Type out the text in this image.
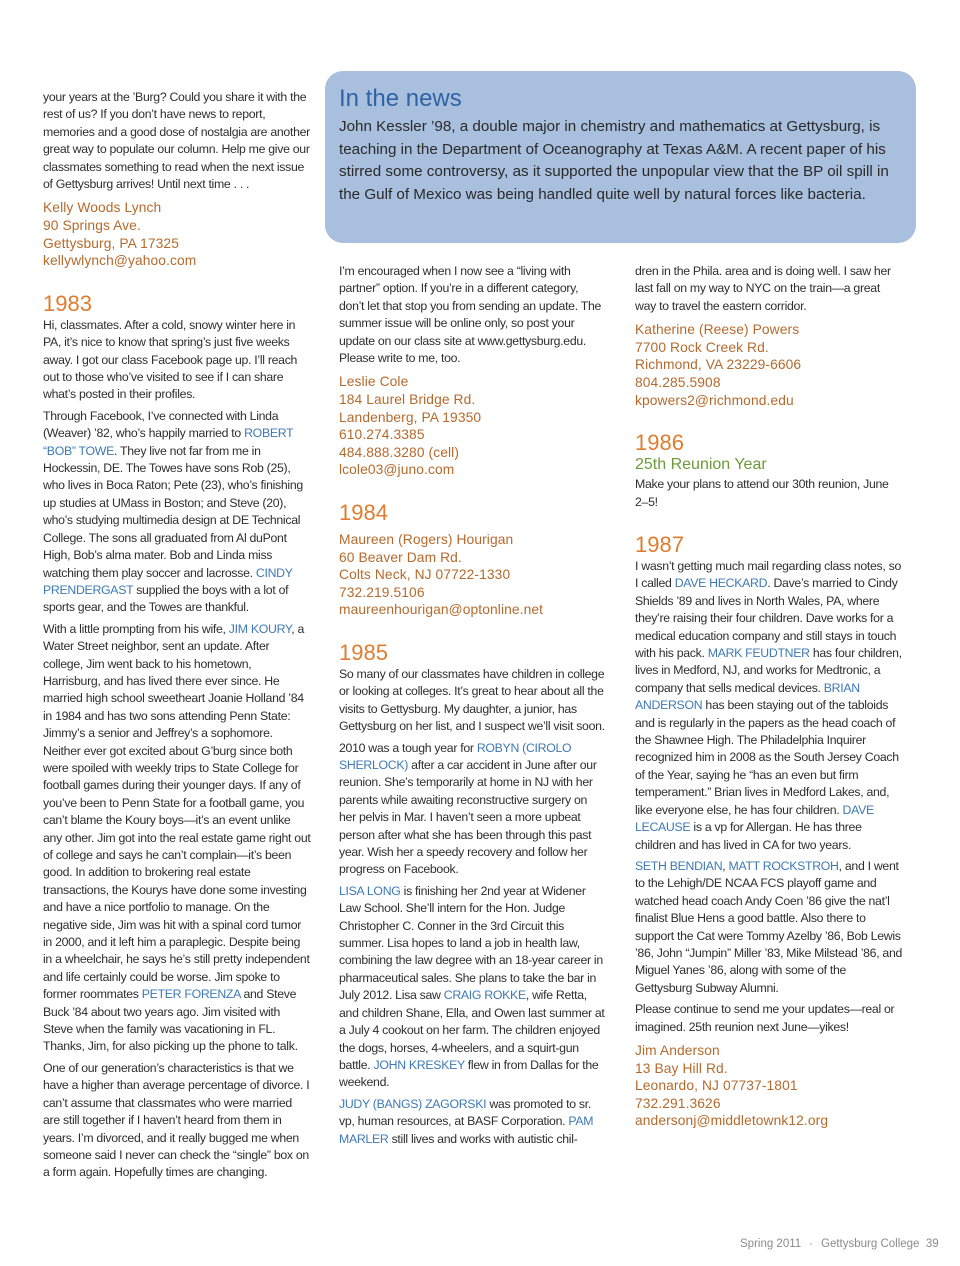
In the news

John Kessler ’98, a double major in chemistry and mathematics at Gettysburg, is teaching in the Department of Oceanography at Texas A&M. A recent paper of his stirred some controversy, as it supported the unpopular view that the BP oil spill in the Gulf of Mexico was being handled quite well by natural forces like bacteria.

your years at the ’Burg? Could you share it with the rest of us? If you don’t have news to report, memories and a good dose of nostalgia are another great way to populate our column. Help me give our classmates something to read when the next issue of Gettysburg arrives! Until next time . . .

Kelly Woods Lynch
90 Springs Ave.
Gettysburg, PA 17325
kellywlynch@yahoo.com
1983

Hi, classmates. After a cold, snowy winter here in PA, it’s nice to know that spring’s just five weeks away. I got our class Facebook page up. I’ll reach out to those who’ve visited to see if I can share what’s posted in their profiles.

Through Facebook, I’ve connected with Linda (Weaver) ’82, who’s happily married to ROBERT “BOB” TOWE. They live not far from me in Hockessin, DE. The Towes have sons Rob (25), who lives in Boca Raton; Pete (23), who’s finishing up studies at UMass in Boston; and Steve (20), who’s studying multimedia design at DE Technical College. The sons all graduated from Al duPont High, Bob’s alma mater. Bob and Linda miss watching them play soccer and lacrosse. CINDY PRENDERGAST supplied the boys with a lot of sports gear, and the Towes are thankful.

With a little prompting from his wife, JIM KOURY, a Water Street neighbor, sent an update. After college, Jim went back to his hometown, Harrisburg, and has lived there ever since. He married high school sweetheart Joanie Holland ’84 in 1984 and has two sons attending Penn State: Jimmy’s a senior and Jeffrey’s a sophomore. Neither ever got excited about G’burg since both were spoiled with weekly trips to State College for football games during their younger days. If any of you’ve been to Penn State for a football game, you can’t blame the Koury boys—it’s an event unlike any other. Jim got into the real estate game right out of college and says he can’t complain—it’s been good. In addition to brokering real estate transactions, the Kourys have done some investing and have a nice portfolio to manage. On the negative side, Jim was hit with a spinal cord tumor in 2000, and it left him a paraplegic. Despite being in a wheelchair, he says he’s still pretty independent and life certainly could be worse. Jim spoke to former roommates PETER FORENZA and Steve Buck ’84 about two years ago. Jim visited with Steve when the family was vacationing in FL. Thanks, Jim, for also picking up the phone to talk.

One of our generation’s characteristics is that we have a higher than average percentage of divorce. I can’t assume that classmates who were married are still together if I haven’t heard from them in years. I’m divorced, and it really bugged me when someone said I never can check the “single” box on a form again. Hopefully times are changing.

I’m encouraged when I now see a “living with partner” option. If you’re in a different category, don’t let that stop you from sending an update. The summer issue will be online only, so post your update on our class site at www.gettysburg.edu. Please write to me, too.

Leslie Cole
184 Laurel Bridge Rd.
Landenberg, PA 19350
610.274.3385
484.888.3280 (cell)
lcole03@juno.com
1984
Maureen (Rogers) Hourigan
60 Beaver Dam Rd.
Colts Neck, NJ 07722-1330
732.219.5106
maureenhourigan@optonline.net
1985

So many of our classmates have children in college or looking at colleges. It’s great to hear about all the visits to Gettysburg. My daughter, a junior, has Gettysburg on her list, and I suspect we’ll visit soon.

2010 was a tough year for ROBYN (CIROLO SHERLOCK) after a car accident in June after our reunion. She’s temporarily at home in NJ with her parents while awaiting reconstructive surgery on her pelvis in Mar. I haven’t seen a more upbeat person after what she has been through this past year. Wish her a speedy recovery and follow her progress on Facebook.

LISA LONG is finishing her 2nd year at Widener Law School. She’ll intern for the Hon. Judge Christopher C. Conner in the 3rd Circuit this summer. Lisa hopes to land a job in health law, combining the law degree with an 18-year career in pharmaceutical sales. She plans to take the bar in July 2012. Lisa saw CRAIG ROKKE, wife Retta, and children Shane, Ella, and Owen last summer at a July 4 cookout on her farm. The children enjoyed the dogs, horses, 4-wheelers, and a squirt-gun battle. JOHN KRESKEY flew in from Dallas for the weekend.

JUDY (BANGS) ZAGORSKI was promoted to sr. vp, human resources, at BASF Corporation. PAM MARLER still lives and works with autistic chil-

dren in the Phila. area and is doing well. I saw her last fall on my way to NYC on the train—a great way to travel the eastern corridor.

Katherine (Reese) Powers
7700 Rock Creek Rd.
Richmond, VA 23229-6606
804.285.5908
kpowers2@richmond.edu
1986
25th Reunion Year

Make your plans to attend our 30th reunion, June 2–5!

1987

I wasn’t getting much mail regarding class notes, so I called DAVE HECKARD. Dave’s married to Cindy Shields ’89 and lives in North Wales, PA, where they’re raising their four children. Dave works for a medical education company and still stays in touch with his pack. MARK FEUDTNER has four children, lives in Medford, NJ, and works for Medtronic, a company that sells medical devices. BRIAN ANDERSON has been staying out of the tabloids and is regularly in the papers as the head coach of the Shawnee High. The Philadelphia Inquirer recognized him in 2008 as the South Jersey Coach of the Year, saying he “has an even but firm temperament.” Brian lives in Medford Lakes, and, like everyone else, he has four children. DAVE LECAUSE is a vp for Allergan. He has three children and has lived in CA for two years.

SETH BENDIAN, MATT ROCKSTROH, and I went to the Lehigh/DE NCAA FCS playoff game and watched head coach Andy Coen ’86 give the nat’l finalist Blue Hens a good battle. Also there to support the Cat were Tommy Azelby ’86, Bob Lewis ’86, John “Jumpin” Miller ’83, Mike Milstead ’86, and Miguel Yanes ’86, along with some of the Gettysburg Subway Alumni.

Please continue to send me your updates—real or imagined. 25th reunion next June—yikes!

Jim Anderson
13 Bay Hill Rd.
Leonardo, NJ 07737-1801
732.291.3626
andersonj@middletownk12.org
Spring 2011 · Gettysburg College 39
